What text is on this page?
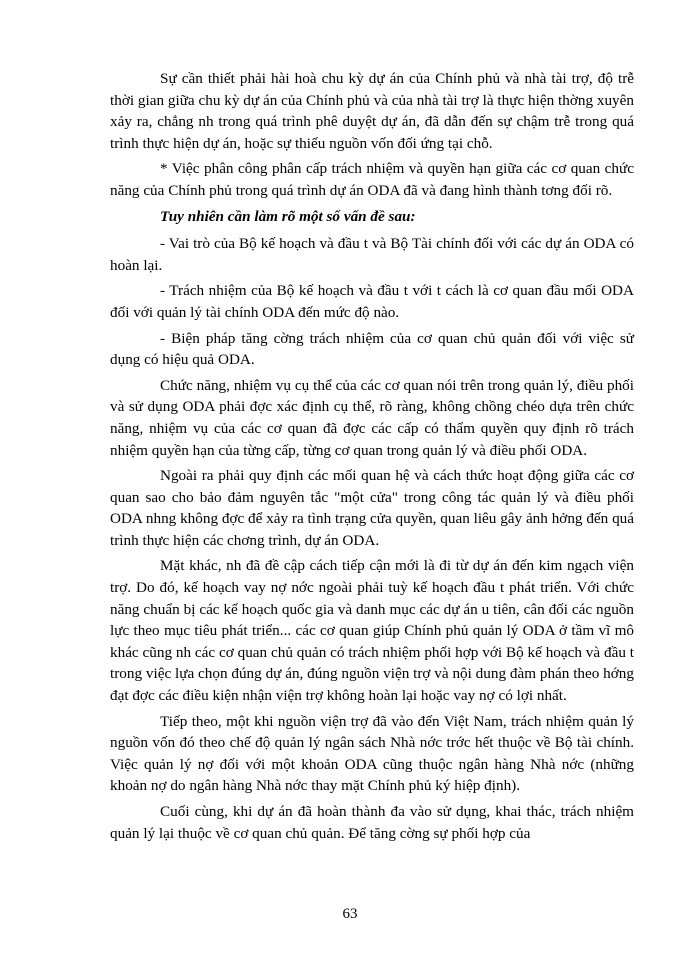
Sự cần thiết phải hài hoà chu kỳ dự án của Chính phủ và nhà tài trợ, độ trễ thời gian giữa chu kỳ dự án của Chính phủ và của nhà tài trợ là thực hiện thờng xuyên xảy ra, chẳng nh trong quá trình phê duyệt dự án, đã dẫn đến sự chậm trễ trong quá trình thực hiện dự án, hoặc sự thiếu nguồn vốn đối ứng tại chỗ.

* Việc phân công phân cấp trách nhiệm và quyền hạn giữa các cơ quan chức năng của Chính phủ trong quá trình dự án ODA đã và đang hình thành tơng đối rõ.

Tuy nhiên cần làm rõ một số vấn đề sau:

- Vai trò của Bộ kế hoạch và đầu t và Bộ Tài chính đối với các dự án ODA có hoàn lại.

- Trách nhiệm của Bộ kế hoạch và đầu t với t cách là cơ quan đầu mối ODA đối với quản lý tài chính ODA đến mức độ nào.

- Biện pháp tăng cờng trách nhiệm của cơ quan chủ quản đối với việc sử dụng có hiệu quả ODA.

Chức năng, nhiệm vụ cụ thể của các cơ quan nói trên trong quản lý, điều phối và sử dụng ODA phải đợc xác định cụ thể, rõ ràng, không chồng chéo dựa trên chức năng, nhiệm vụ của các cơ quan đã đợc các cấp có thẩm quyền quy định rõ trách nhiệm quyền hạn của từng cấp, từng cơ quan trong quản lý và điều phối ODA.

Ngoài ra phải quy định các mối quan hệ và cách thức hoạt động giữa các cơ quan sao cho bảo đảm nguyên tắc "một cửa" trong công tác quản lý và điều phối ODA nhng không đợc để xảy ra tình trạng cửa quyền, quan liêu gây ảnh hởng đến quá trình thực hiện các chơng trình, dự án ODA.

Mặt khác, nh đã đề cập cách tiếp cận mới là đi từ dự án đến kim ngạch viện trợ. Do đó, kế hoạch vay nợ nớc ngoài phải tuỳ kế hoạch đầu t phát triển. Với chức năng chuẩn bị các kế hoạch quốc gia và danh mục các dự án u tiên, cân đối các nguồn lực theo mục tiêu phát triển... các cơ quan giúp Chính phủ quản lý ODA ở tầm vĩ mô khác cũng nh các cơ quan chủ quản có trách nhiệm phối hợp với Bộ kế hoạch và đầu t trong việc lựa chọn đúng dự án, đúng nguồn viện trợ và nội dung đàm phán theo hớng đạt đợc các điều kiện nhận viện trợ không hoàn lại hoặc vay nợ có lợi nhất.

Tiếp theo, một khi nguồn viện trợ đã vào đến Việt Nam, trách nhiệm quản lý nguồn vốn đó theo chế độ quản lý ngân sách Nhà nớc trớc hết thuộc về Bộ tài chính. Việc quản lý nợ đối với một khoản ODA cũng thuộc ngân hàng Nhà nớc (những khoản nợ do ngân hàng Nhà nớc thay mặt Chính phủ ký hiệp định).

Cuối cùng, khi dự án đã hoàn thành đa vào sử dụng, khai thác, trách nhiệm quản lý lại thuộc về cơ quan chủ quản. Để tăng cờng sự phối hợp của

63
